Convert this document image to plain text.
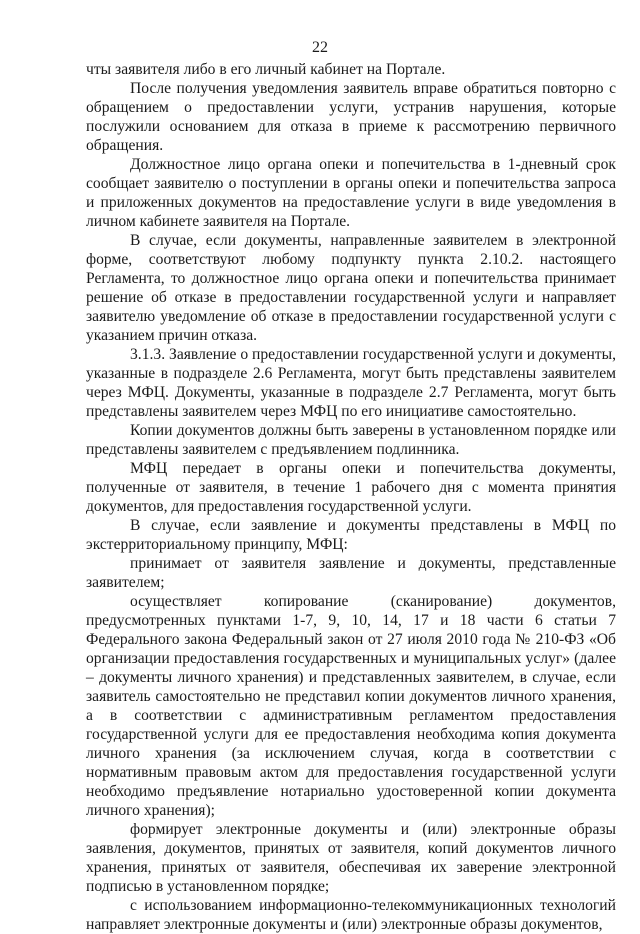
22

чты заявителя либо в его личный кабинет на Портале.

После получения уведомления заявитель вправе обратиться повторно с обращением о предоставлении услуги, устранив нарушения, которые послужили основанием для отказа в приеме к рассмотрению первичного обращения.

Должностное лицо органа опеки и попечительства в 1-дневный срок сообщает заявителю о поступлении в органы опеки и попечительства запроса и приложенных документов на предоставление услуги в виде уведомления в личном кабинете заявителя на Портале.

В случае, если документы, направленные заявителем в электронной форме, соответствуют любому подпункту пункта 2.10.2. настоящего Регламента, то должностное лицо органа опеки и попечительства принимает решение об отказе в предоставлении государственной услуги и направляет заявителю уведомление об отказе в предоставлении государственной услуги с указанием причин отказа.

3.1.3. Заявление о предоставлении государственной услуги и документы, указанные в подразделе 2.6 Регламента, могут быть представлены заявителем через МФЦ. Документы, указанные в подразделе 2.7 Регламента, могут быть представлены заявителем через МФЦ по его инициативе самостоятельно.

Копии документов должны быть заверены в установленном порядке или представлены заявителем с предъявлением подлинника.

МФЦ передает в органы опеки и попечительства документы, полученные от заявителя, в течение 1 рабочего дня с момента принятия документов, для предоставления государственной услуги.

В случае, если заявление и документы представлены в МФЦ по экстерриториальному принципу, МФЦ:

принимает от заявителя заявление и документы, представленные заявителем;

осуществляет копирование (сканирование) документов, предусмотренных пунктами 1-7, 9, 10, 14, 17 и 18 части 6 статьи 7 Федерального закона Федеральный закон от 27 июля 2010 года № 210-ФЗ «Об организации предоставления государственных и муниципальных услуг» (далее – документы личного хранения) и представленных заявителем, в случае, если заявитель самостоятельно не представил копии документов личного хранения, а в соответствии с административным регламентом предоставления государственной услуги для ее предоставления необходима копия документа личного хранения (за исключением случая, когда в соответствии с нормативным правовым актом для предоставления государственной услуги необходимо предъявление нотариально удостоверенной копии документа личного хранения);

формирует электронные документы и (или) электронные образы заявления, документов, принятых от заявителя, копий документов личного хранения, принятых от заявителя, обеспечивая их заверение электронной подписью в установленном порядке;

с использованием информационно-телекоммуникационных технологий направляет электронные документы и (или) электронные образы документов,
